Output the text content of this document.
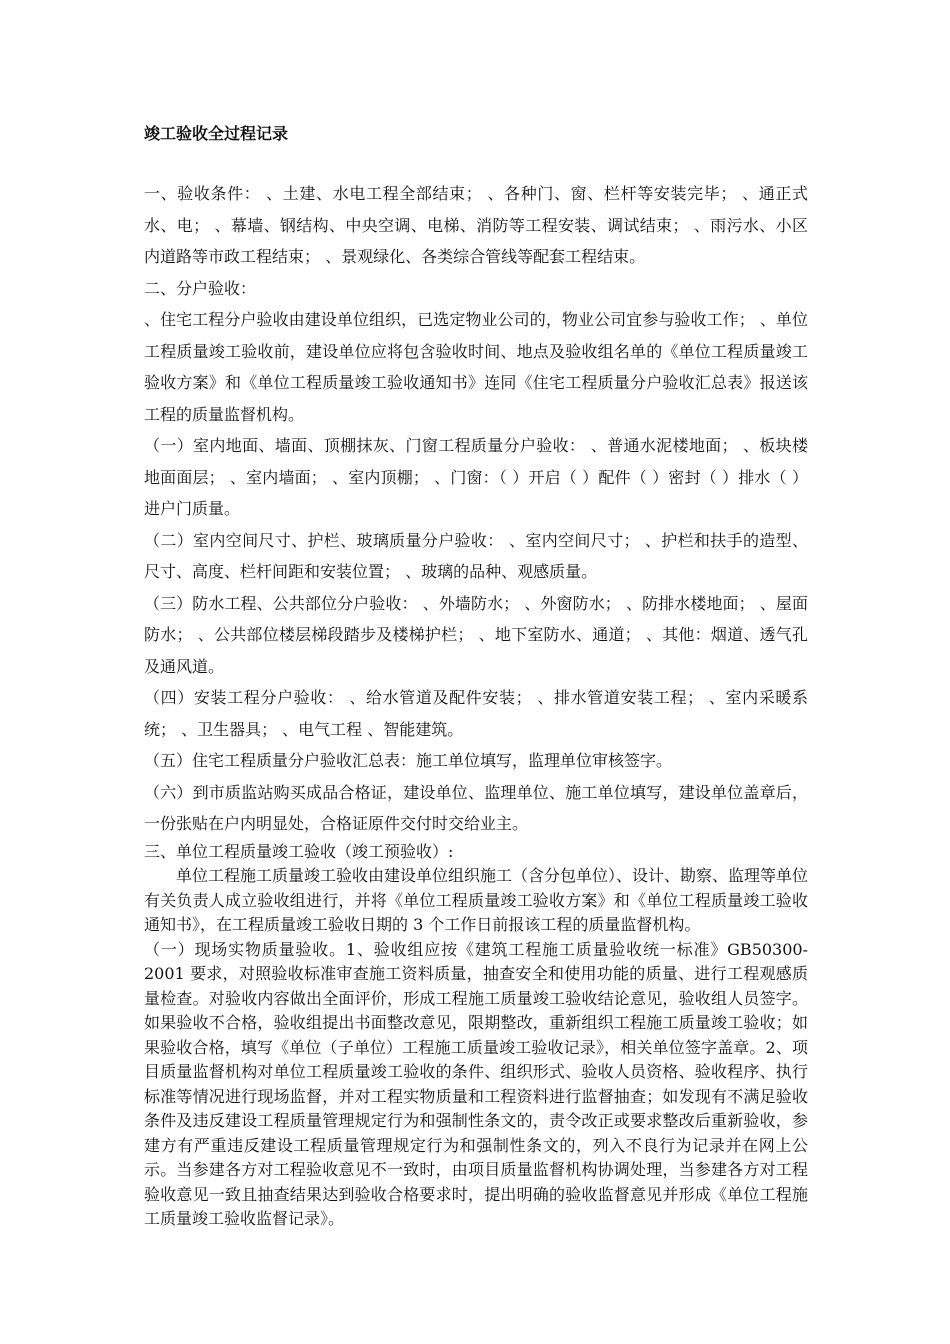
竣工验收全过程记录

一、验收条件： 、土建、水电工程全部结束； 、各种门、窗、栏杆等安装完毕； 、通正式水、电； 、幕墙、钢结构、中央空调、电梯、消防等工程安装、调试结束； 、雨污水、小区内道路等市政工程结束； 、景观绿化、各类综合管线等配套工程结束。

二、分户验收：

、住宅工程分户验收由建设单位组织，已选定物业公司的，物业公司宜参与验收工作； 、单位工程质量竣工验收前，建设单位应将包含验收时间、地点及验收组名单的《单位工程质量竣工验收方案》和《单位工程质量竣工验收通知书》连同《住宅工程质量分户验收汇总表》报送该工程的质量监督机构。

（一）室内地面、墙面、顶棚抹灰、门窗工程质量分户验收： 、普通水泥楼地面； 、板块楼地面面层； 、室内墙面； 、室内顶棚； 、门窗：（ ）开启（ ）配件（ ）密封（ ）排水（ ）进户门质量。

（二）室内空间尺寸、护栏、玻璃质量分户验收： 、室内空间尺寸； 、护栏和扶手的造型、尺寸、高度、栏杆间距和安装位置； 、玻璃的品种、观感质量。

（三）防水工程、公共部位分户验收： 、外墙防水； 、外窗防水； 、防排水楼地面； 、屋面防水； 、公共部位楼层梯段踏步及楼梯护栏； 、地下室防水、通道； 、其他：烟道、透气孔及通风道。

（四）安装工程分户验收： 、给水管道及配件安装； 、排水管道安装工程； 、室内采暖系统； 、卫生器具； 、电气工程 、智能建筑。

（五）住宅工程质量分户验收汇总表：施工单位填写，监理单位审核签字。

（六）到市质监站购买成品合格证，建设单位、监理单位、施工单位填写，建设单位盖章后，一份张贴在户内明显处，合格证原件交付时交给业主。

三、单位工程质量竣工验收（竣工预验收）:

单位工程施工质量竣工验收由建设单位组织施工（含分包单位）、设计、勘察、监理等单位有关负责人成立验收组进行，并将《单位工程质量竣工验收方案》和《单位工程质量竣工验收通知书》，在工程质量竣工验收日期的 3 个工作日前报该工程的质量监督机构。

（一）现场实物质量验收。1、验收组应按《建筑工程施工质量验收统一标准》GB50300-2001 要求，对照验收标准审查施工资料质量，抽查安全和使用功能的质量、进行工程观感质量检查。对验收内容做出全面评价，形成工程施工质量竣工验收结论意见，验收组人员签字。如果验收不合格，验收组提出书面整改意见，限期整改，重新组织工程施工质量竣工验收；如果验收合格，填写《单位（子单位）工程施工质量竣工验收记录》，相关单位签字盖章。2、项目质量监督机构对单位工程质量竣工验收的条件、组织形式、验收人员资格、验收程序、执行标准等情况进行现场监督，并对工程实物质量和工程资料进行监督抽查；如发现有不满足验收条件及违反建设工程质量管理规定行为和强制性条文的，责令改正或要求整改后重新验收，参建方有严重违反建设工程质量管理规定行为和强制性条文的，列入不良行为记录并在网上公示。当参建各方对工程验收意见不一致时，由项目质量监督机构协调处理，当参建各方对工程验收意见一致且抽查结果达到验收合格要求时，提出明确的验收监督意见并形成《单位工程施工质量竣工验收监督记录》。
